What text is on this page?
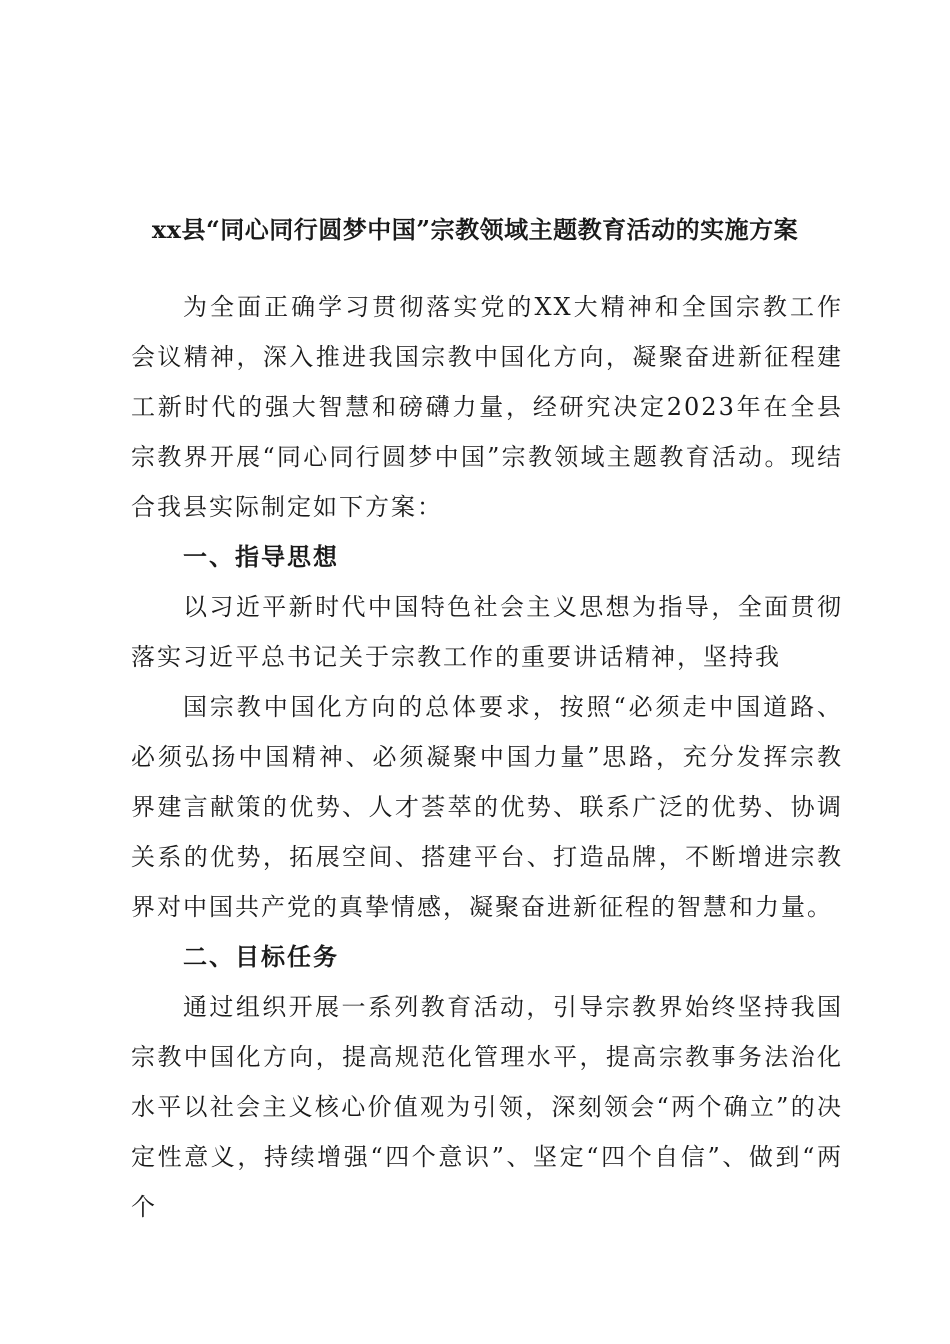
xx县“同心同行圆梦中国”宗教领域主题教育活动的实施方案

为全面正确学习贯彻落实党的XX大精神和全国宗教工作会议精神，深入推进我国宗教中国化方向，凝聚奋进新征程建工新时代的强大智慧和磅礴力量，经研究决定2023年在全县宗教界开展“同心同行圆梦中国”宗教领域主题教育活动。现结合我县实际制定如下方案：

一、指导思想

以习近平新时代中国特色社会主义思想为指导，全面贯彻落实习近平总书记关于宗教工作的重要讲话精神，坚持我

国宗教中国化方向的总体要求，按照“必须走中国道路、必须弘扬中国精神、必须凝聚中国力量”思路，充分发挥宗教界建言献策的优势、人才荟萃的优势、联系广泛的优势、协调关系的优势，拓展空间、搭建平台、打造品牌，不断增进宗教界对中国共产党的真挚情感，凝聚奋进新征程的智慧和力量。

二、目标任务

通过组织开展一系列教育活动，引导宗教界始终坚持我国宗教中国化方向，提高规范化管理水平，提高宗教事务法治化水平以社会主义核心价值观为引领，深刻领会“两个确立”的决定性意义，持续增强“四个意识”、坚定“四个自信”、做到“两个
